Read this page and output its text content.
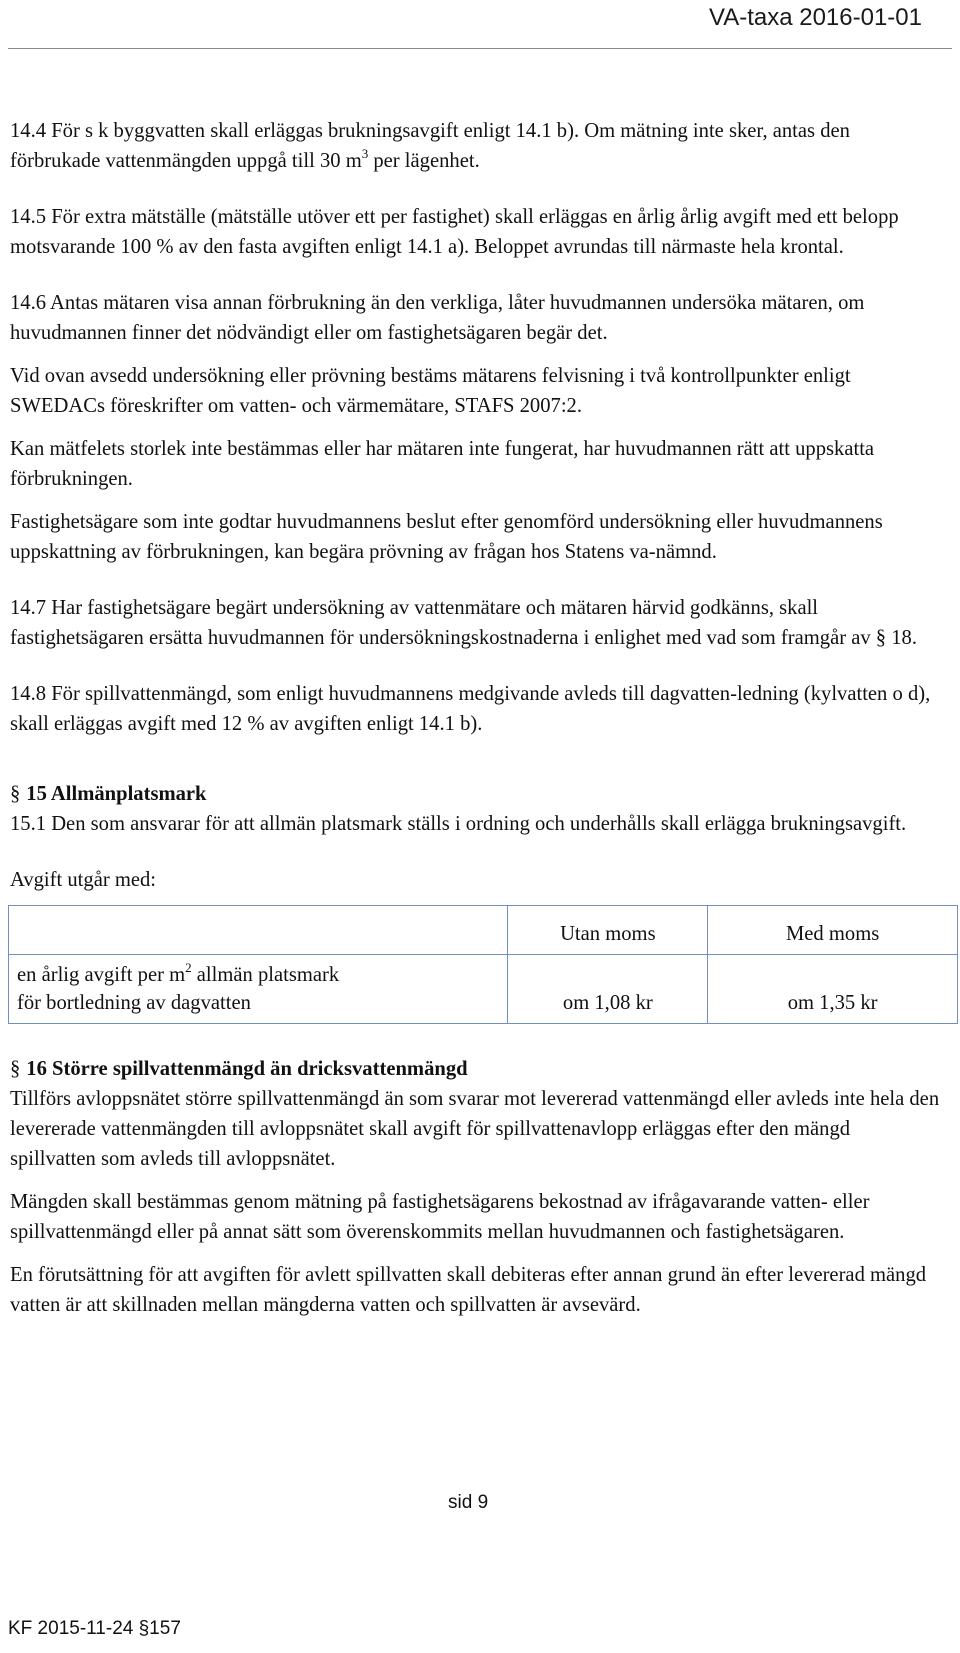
VA-taxa 2016-01-01

14.4 För s k byggvatten skall erläggas brukningsavgift enligt 14.1 b). Om mätning inte sker, antas den förbrukade vattenmängden uppgå till 30 $m^3$ per lägenhet.

14.5 För extra mätställe (mätställe utöver ett per fastighet) skall erläggas en årlig årlig avgift med ett belopp motsvarande 100 % av den fasta avgiften enligt 14.1 a). Beloppet avrundas till närmaste hela krontal.

14.6 Antas mätaren visa annan förbrukning än den verkliga, låter huvudmannen undersöka mätaren, om huvudmannen finner det nödvändigt eller om fastighetsägaren begär det.

Vid ovan avsedd undersökning eller prövning bestäms mätarens felvisning i två kontrollpunkter enligt SWEDACs föreskrifter om vatten- och värmemätare, STAFS 2007:2.

Kan mätfelets storlek inte bestämmas eller har mätaren inte fungerat, har huvudmannen rätt att uppskatta förbrukningen.

Fastighetsägare som inte godtar huvudmannens beslut efter genomförd undersökning eller huvudmannens uppskattning av förbrukningen, kan begära prövning av frågan hos Statens va-nämnd.

14.7 Har fastighetsägare begärt undersökning av vattenmätare och mätaren härvid godkänns, skall fastighetsägaren ersätta huvudmannen för undersökningskostnaderna i enlighet med vad som framgår av § 18.

14.8 För spillvattenmängd, som enligt huvudmannens medgivande avleds till dagvatten-ledning (kylvatten o d), skall erläggas avgift med 12 % av avgiften enligt 14.1 b).

§ 15 Allmänplatsmark

15.1 Den som ansvarar för att allmän platsmark ställs i ordning och underhålls skall erlägga brukningsavgift.

Avgift utgår med:

	Utan moms	Med moms
en årlig avgift per $m^2$ allmän platsmark
för bortledning av dagvatten	om 1,08 kr	om 1,35 kr
§ 16 Större spillvattenmängd än dricksvattenmängd

Tillförs avloppsnätet större spillvattenmängd än som svarar mot levererad vattenmängd eller avleds inte hela den levererade vattenmängden till avloppsnätet skall avgift för spillvattenavlopp erläggas efter den mängd spillvatten som avleds till avloppsnätet.

Mängden skall bestämmas genom mätning på fastighetsägarens bekostnad av ifrågavarande vatten- eller spillvattenmängd eller på annat sätt som överenskommits mellan huvudmannen och fastighetsägaren.

En förutsättning för att avgiften för avlett spillvatten skall debiteras efter annan grund än efter levererad mängd vatten är att skillnaden mellan mängderna vatten och spillvatten är avsevärd.

sid 9
KF 2015-11-24 §157
